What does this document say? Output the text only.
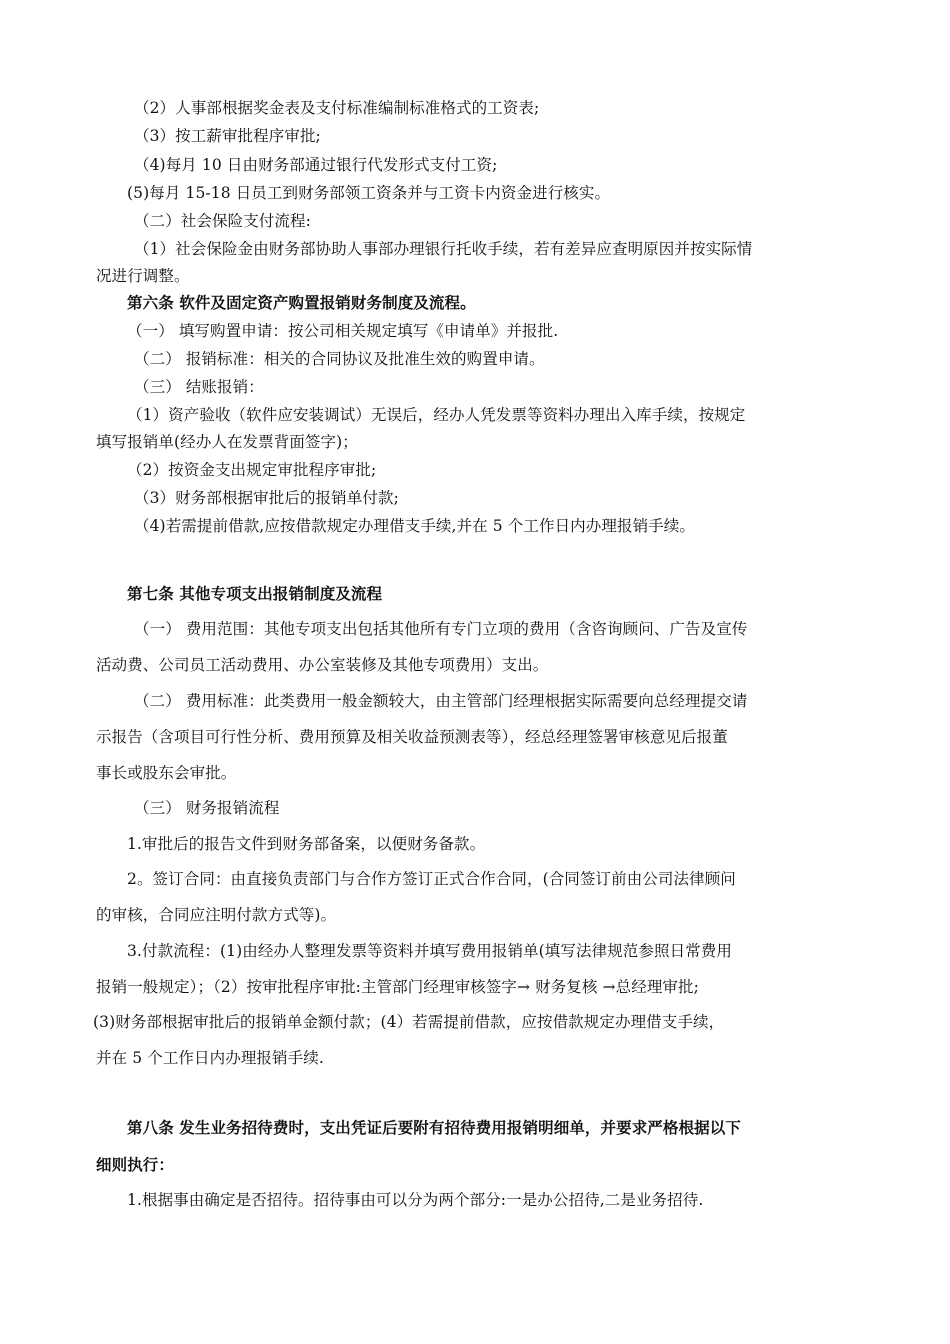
（2）人事部根据奖金表及支付标准编制标准格式的工资表;
（3）按工薪审批程序审批;
（4)每月 10 日由财务部通过银行代发形式支付工资;
(5)每月 15-18 日员工到财务部领工资条并与工资卡内资金进行核实。
（二）社会保险支付流程:
（1）社会保险金由财务部协助人事部办理银行托收手续，若有差异应查明原因并按实际情
况进行调整。
第六条 软件及固定资产购置报销财务制度及流程。
（一） 填写购置申请：按公司相关规定填写《申请单》并报批.
（二） 报销标准：相关的合同协议及批准生效的购置申请。
（三） 结账报销：
（1）资产验收（软件应安装调试）无误后，经办人凭发票等资料办理出入库手续，按规定
填写报销单(经办人在发票背面签字)；
（2）按资金支出规定审批程序审批;
（3）财务部根据审批后的报销单付款;
（4)若需提前借款,应按借款规定办理借支手续,并在 5 个工作日内办理报销手续。
第七条 其他专项支出报销制度及流程
（一） 费用范围：其他专项支出包括其他所有专门立项的费用（含咨询顾问、广告及宣传
活动费、公司员工活动费用、办公室装修及其他专项费用）支出。
（二） 费用标准：此类费用一般金额较大，由主管部门经理根据实际需要向总经理提交请
示报告（含项目可行性分析、费用预算及相关收益预测表等），经总经理签署审核意见后报董
事长或股东会审批。
（三） 财务报销流程
1.审批后的报告文件到财务部备案，以便财务备款。
2。签订合同：由直接负责部门与合作方签订正式合作合同，(合同签订前由公司法律顾问
的审核，合同应注明付款方式等)。
3.付款流程：(1)由经办人整理发票等资料并填写费用报销单(填写法律规范参照日常费用
报销一般规定）；（2）按审批程序审批:主管部门经理审核签字→ 财务复核 →总经理审批;
(3)财务部根据审批后的报销单金额付款；(4）若需提前借款，应按借款规定办理借支手续，
并在 5 个工作日内办理报销手续.
第八条 发生业务招待费时，支出凭证后要附有招待费用报销明细单，并要求严格根据以下
细则执行：
1.根据事由确定是否招待。招待事由可以分为两个部分:一是办公招待,二是业务招待.
